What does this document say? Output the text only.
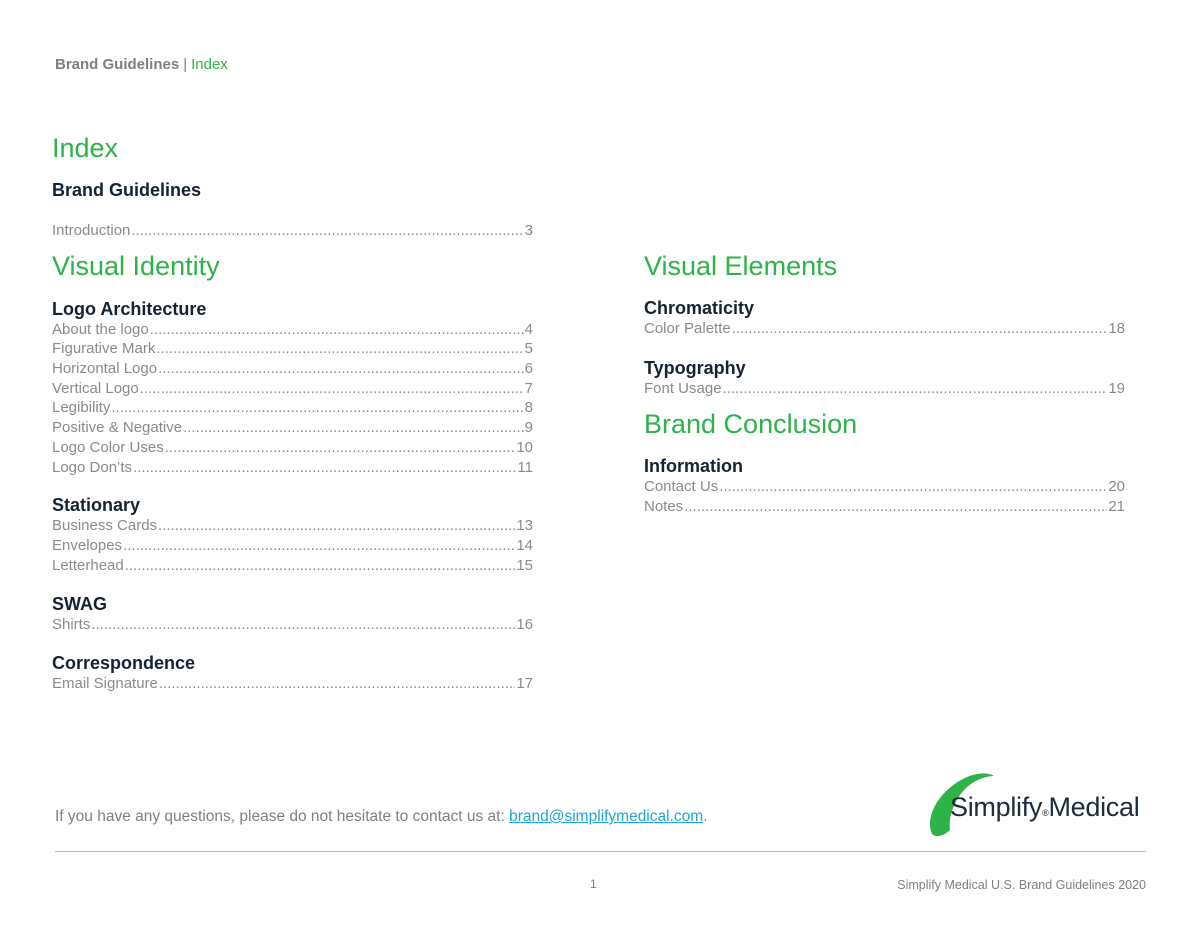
Brand Guidelines | Index
Index
Brand Guidelines
Introduction .....	3
Visual Identity
Logo Architecture
About the logo .....	4
Figurative Mark .....	5
Horizontal Logo .....	6
Vertical Logo .....	7
Legibility .....	8
Positive & Negative .....	9
Logo Color Uses .....	10
Logo Don’ts .....	11
Stationary
Business Cards .....	13
Envelopes .....	14
Letterhead .....	15
SWAG
Shirts .....	16
Correspondence
Email Signature .....	17
Visual Elements
Chromaticity
Color Palette .....	18
Typography
Font Usage .....	19
Brand Conclusion
Information
Contact Us .....	20
Notes .....	21
If you have any questions, please do not hesitate to contact us at: brand@simplifymedical.com.	Simplify®Medical
1	Simplify Medical U.S. Brand Guidelines 2020
